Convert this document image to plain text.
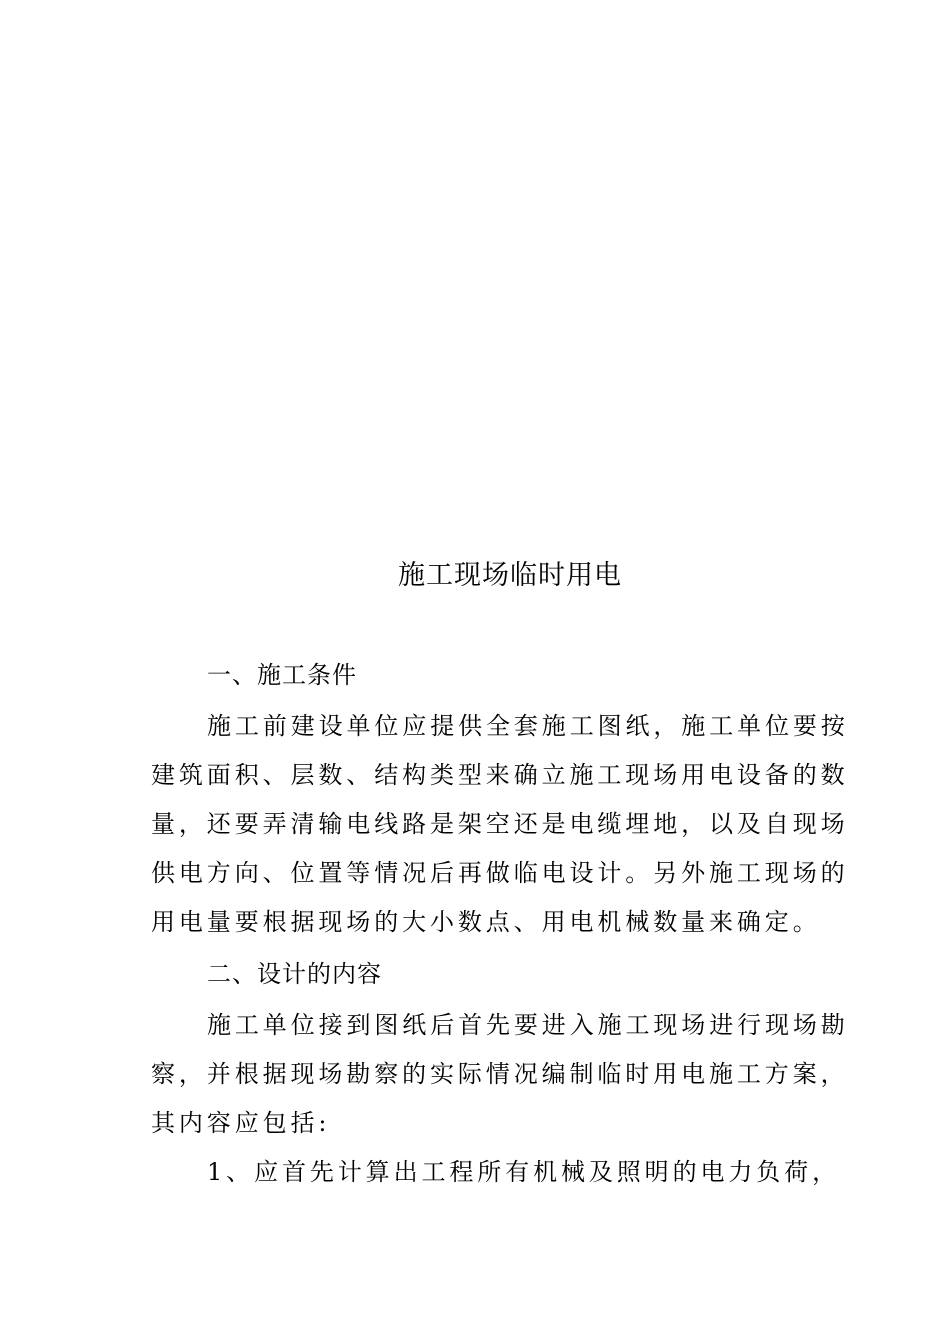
施工现场临时用电
一、施工条件
施工前建设单位应提供全套施工图纸，施工单位要按
建筑面积、层数、结构类型来确立施工现场用电设备的数
量，还要弄清输电线路是架空还是电缆埋地，以及自现场
供电方向、位置等情况后再做临电设计。另外施工现场的
用电量要根据现场的大小数点、用电机械数量来确定。
二、设计的内容
施工单位接到图纸后首先要进入施工现场进行现场勘
察，并根据现场勘察的实际情况编制临时用电施工方案，
其内容应包括:
1、应首先计算出工程所有机械及照明的电力负荷，
